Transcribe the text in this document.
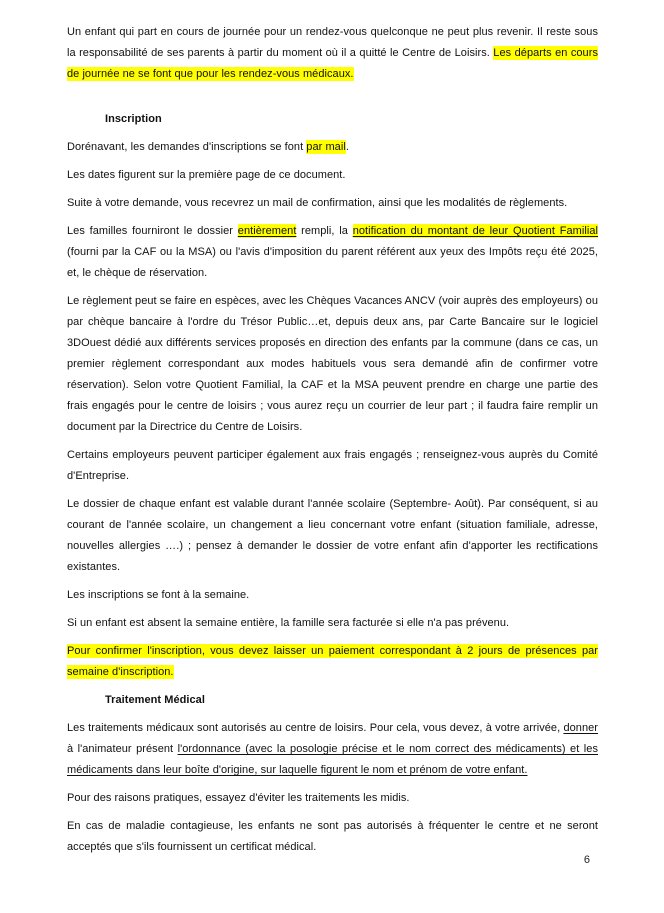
Un enfant qui part en cours de journée pour un rendez-vous quelconque ne peut plus revenir. Il reste sous la responsabilité de ses parents à partir du moment où il a quitté le Centre de Loisirs. Les départs en cours de journée ne se font que pour les rendez-vous médicaux.

Inscription

Dorénavant, les demandes d'inscriptions se font par mail.

Les dates figurent sur la première page de ce document.

Suite à votre demande, vous recevrez un mail de confirmation, ainsi que les modalités de règlements.

Les familles fourniront le dossier entièrement rempli, la notification du montant de leur Quotient Familial (fourni par la CAF ou la MSA) ou l'avis d'imposition du parent référent aux yeux des Impôts reçu été 2025, et, le chèque de réservation.

Le règlement peut se faire en espèces, avec les Chèques Vacances ANCV (voir auprès des employeurs) ou par chèque bancaire à l'ordre du Trésor Public…et, depuis deux ans, par Carte Bancaire sur le logiciel 3DOuest dédié aux différents services proposés en direction des enfants par la commune (dans ce cas, un premier règlement correspondant aux modes habituels vous sera demandé afin de confirmer votre réservation). Selon votre Quotient Familial, la CAF et la MSA peuvent prendre en charge une partie des frais engagés pour le centre de loisirs ; vous aurez reçu un courrier de leur part ; il faudra faire remplir un document par la Directrice du Centre de Loisirs.

Certains employeurs peuvent participer également aux frais engagés ; renseignez-vous auprès du Comité d'Entreprise.

Le dossier de chaque enfant est valable durant l'année scolaire (Septembre- Août). Par conséquent, si au courant de l'année scolaire, un changement a lieu concernant votre enfant (situation familiale, adresse, nouvelles allergies ….) ; pensez à demander le dossier de votre enfant afin d'apporter les rectifications existantes.

Les inscriptions se font à la semaine.

Si un enfant est absent la semaine entière, la famille sera facturée si elle n'a pas prévenu.

Pour confirmer l'inscription, vous devez laisser un paiement correspondant à 2 jours de présences par semaine d'inscription.

Traitement Médical

Les traitements médicaux sont autorisés au centre de loisirs. Pour cela, vous devez, à votre arrivée, donner à l'animateur présent l'ordonnance (avec la posologie précise et le nom correct des médicaments) et les médicaments dans leur boîte d'origine, sur laquelle figurent le nom et prénom de votre enfant.

Pour des raisons pratiques, essayez d'éviter les traitements les midis.

En cas de maladie contagieuse, les enfants ne sont pas autorisés à fréquenter le centre et ne seront acceptés que s'ils fournissent un certificat médical.

6
